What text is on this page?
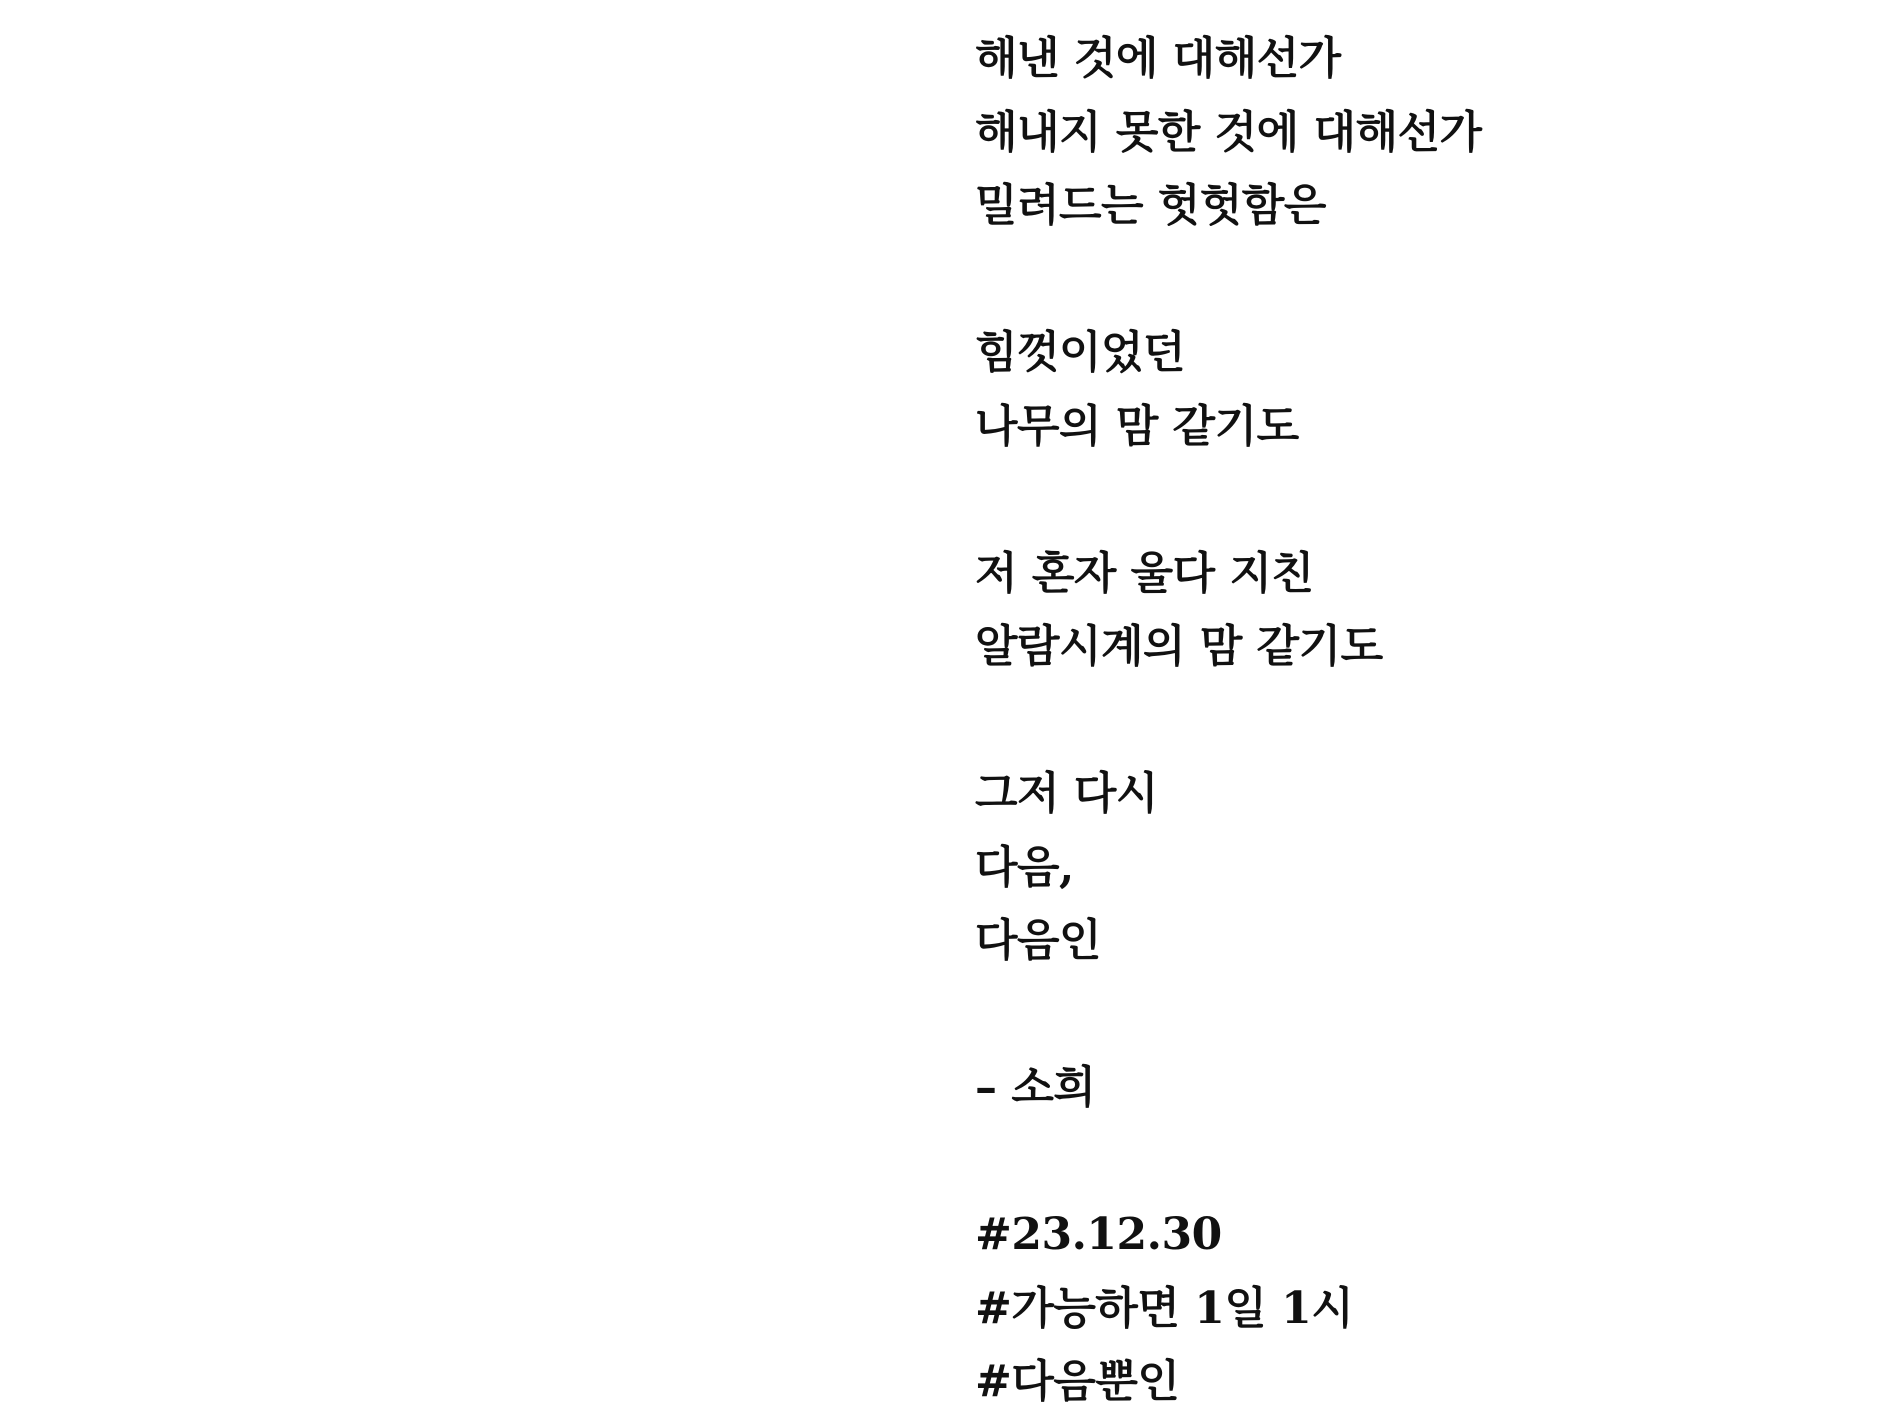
해낸 것에 대해선가
해내지 못한 것에 대해선가
밀려드는 헛헛함은
힘껏이었던
나무의 맘 같기도
저 혼자 울다 지친
알람시계의 맘 같기도
그저 다시
다음,
다음인
– 소희
#23.12.30
#가능하면 1일 1시
#다음뿐인
